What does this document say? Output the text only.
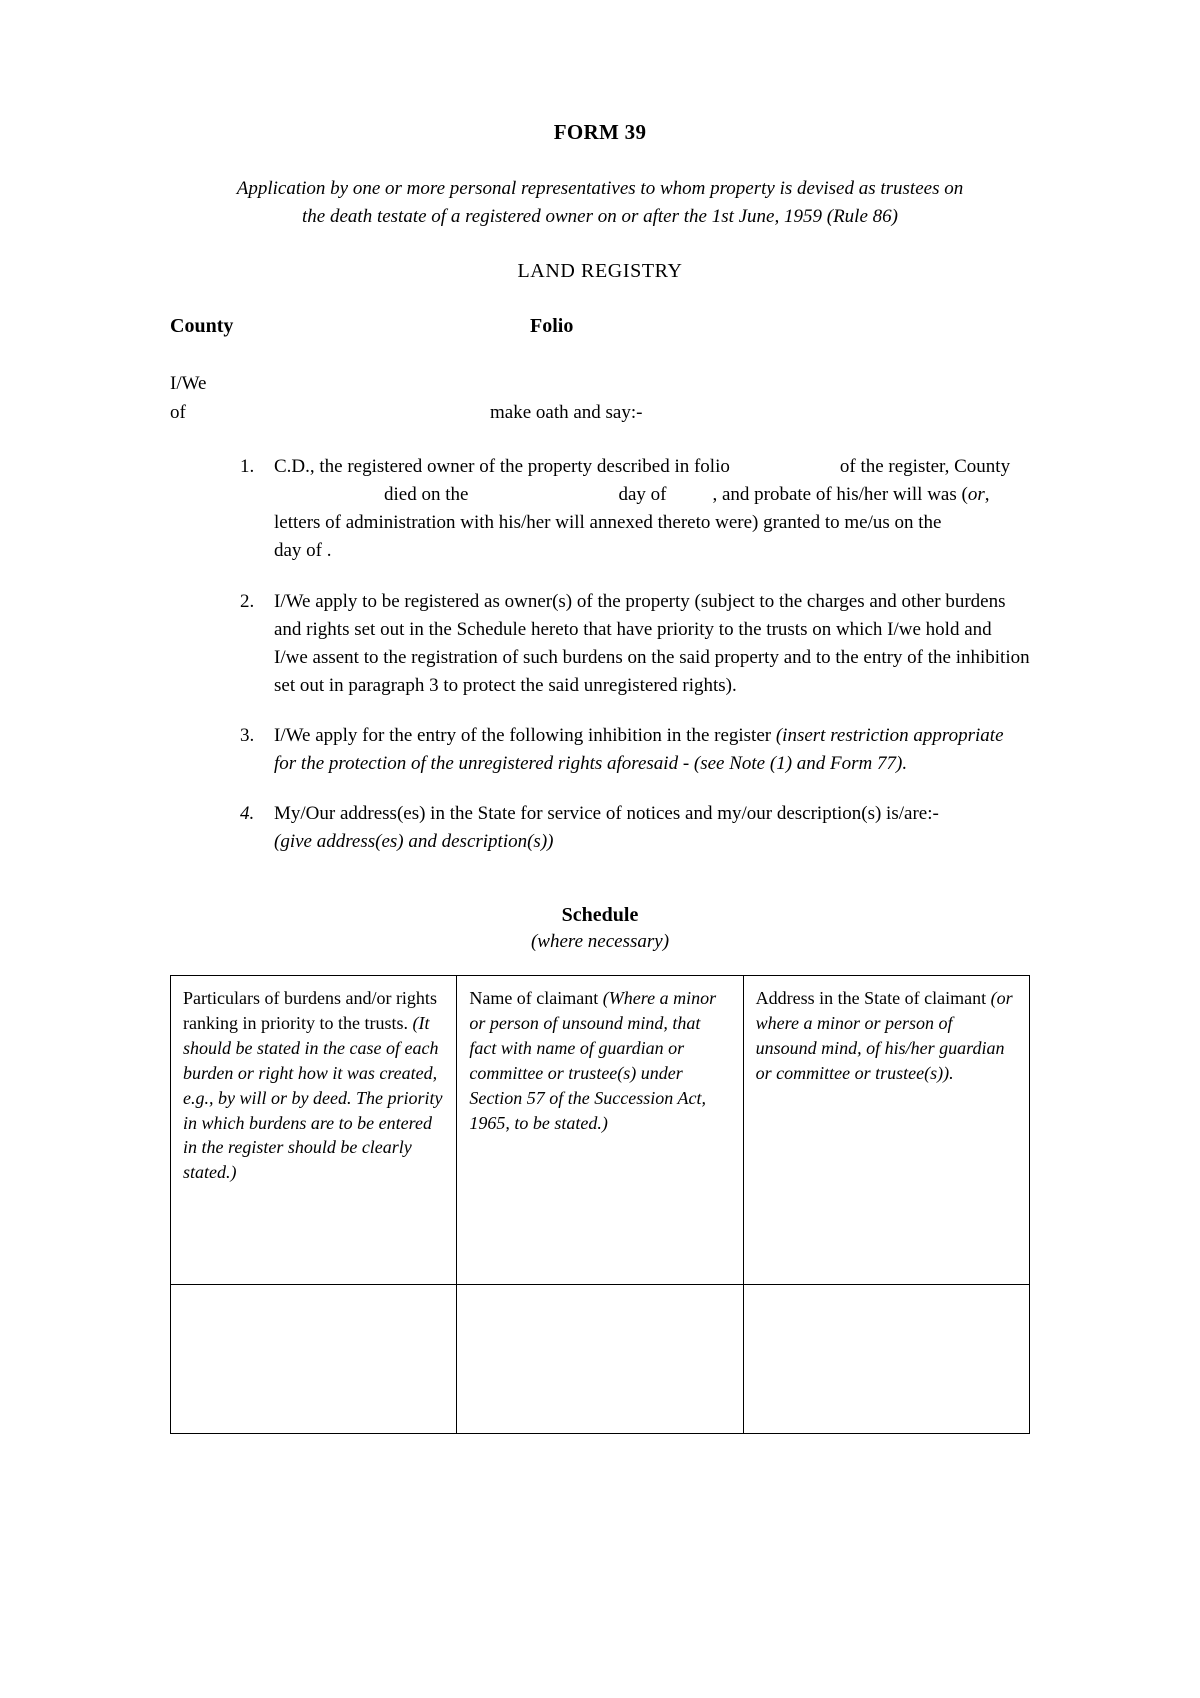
FORM 39
Application by one or more personal representatives to whom property is devised as trustees on the death testate of a registered owner on or after the 1st June, 1959 (Rule 86)
LAND REGISTRY
County	Folio
I/We
of	make oath and say:-
1.	C.D., the registered owner of the property described in folio	of the register, Countydied on the	day of , and probate of his/her will was (or, letters of administration with his/her will annexed thereto were) granted to me/us on theday of .
2.	I/We apply to be registered as owner(s) of the property (subject to the charges and other burdens and rights set out in the Schedule hereto that have priority to the trusts on which I/we hold and I/we assent to the registration of such burdens on the said property and to the entry of the inhibition set out in paragraph 3 to protect the said unregistered rights).
3.	I/We apply for the entry of the following inhibition in the register (insert restriction appropriate for the protection of the unregistered rights aforesaid - (see Note (1) and Form 77).
4.	My/Our address(es) in the State for service of notices and my/our description(s) is/are:-
(give address(es) and description(s))
Schedule
(where necessary)
Particulars of burdens and/or rights ranking in priority to the trusts. (It should be stated in the case of each burden or right how it was created, e.g., by will or by deed. The priority in which burdens are to be entered in the register should be clearly stated.)	Name of claimant (Where a minor or person of unsound mind, that fact with name of guardian or committee or trustee(s) under Section 57 of the Succession Act, 1965, to be stated.)	Address in the State of claimant (or where a minor or person of unsound mind, of his/her guardian or committee or trustee(s)).
